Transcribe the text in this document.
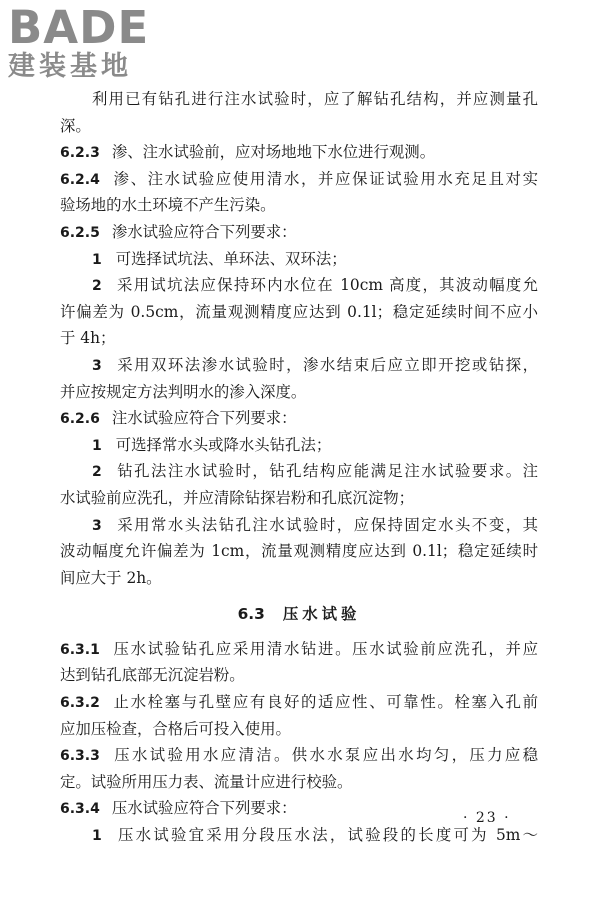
BADE
建装基地
利用已有钻孔进行注水试验时，应了解钻孔结构，并应测量孔
深。
6.2.3 渗、注水试验前，应对场地地下水位进行观测。
6.2.4 渗、注水试验应使用清水，并应保证试验用水充足且对实
验场地的水土环境不产生污染。
6.2.5 渗水试验应符合下列要求：
1 可选择试坑法、单环法、双环法；
2 采用试坑法应保持环内水位在 10cm 高度，其波动幅度允
许偏差为 0.5cm，流量观测精度应达到 0.1l；稳定延续时间不应小
于 4h；
3 采用双环法渗水试验时，渗水结束后应立即开挖或钻探，
并应按规定方法判明水的渗入深度。
6.2.6 注水试验应符合下列要求：
1 可选择常水头或降水头钻孔法；
2 钻孔法注水试验时，钻孔结构应能满足注水试验要求。注
水试验前应洗孔，并应清除钻探岩粉和孔底沉淀物；
3 采用常水头法钻孔注水试验时，应保持固定水头不变，其
波动幅度允许偏差为 1cm，流量观测精度应达到 0.1l；稳定延续时
间应大于 2h。
6.3 压水试验
6.3.1 压水试验钻孔应采用清水钻进。压水试验前应洗孔，并应
达到钻孔底部无沉淀岩粉。
6.3.2 止水栓塞与孔壁应有良好的适应性、可靠性。栓塞入孔前
应加压检查，合格后可投入使用。
6.3.3 压水试验用水应清洁。供水水泵应出水均匀，压力应稳
定。试验所用压力表、流量计应进行校验。
6.3.4 压水试验应符合下列要求：
1 压水试验宜采用分段压水法，试验段的长度可为 5m～
· 23 ·
